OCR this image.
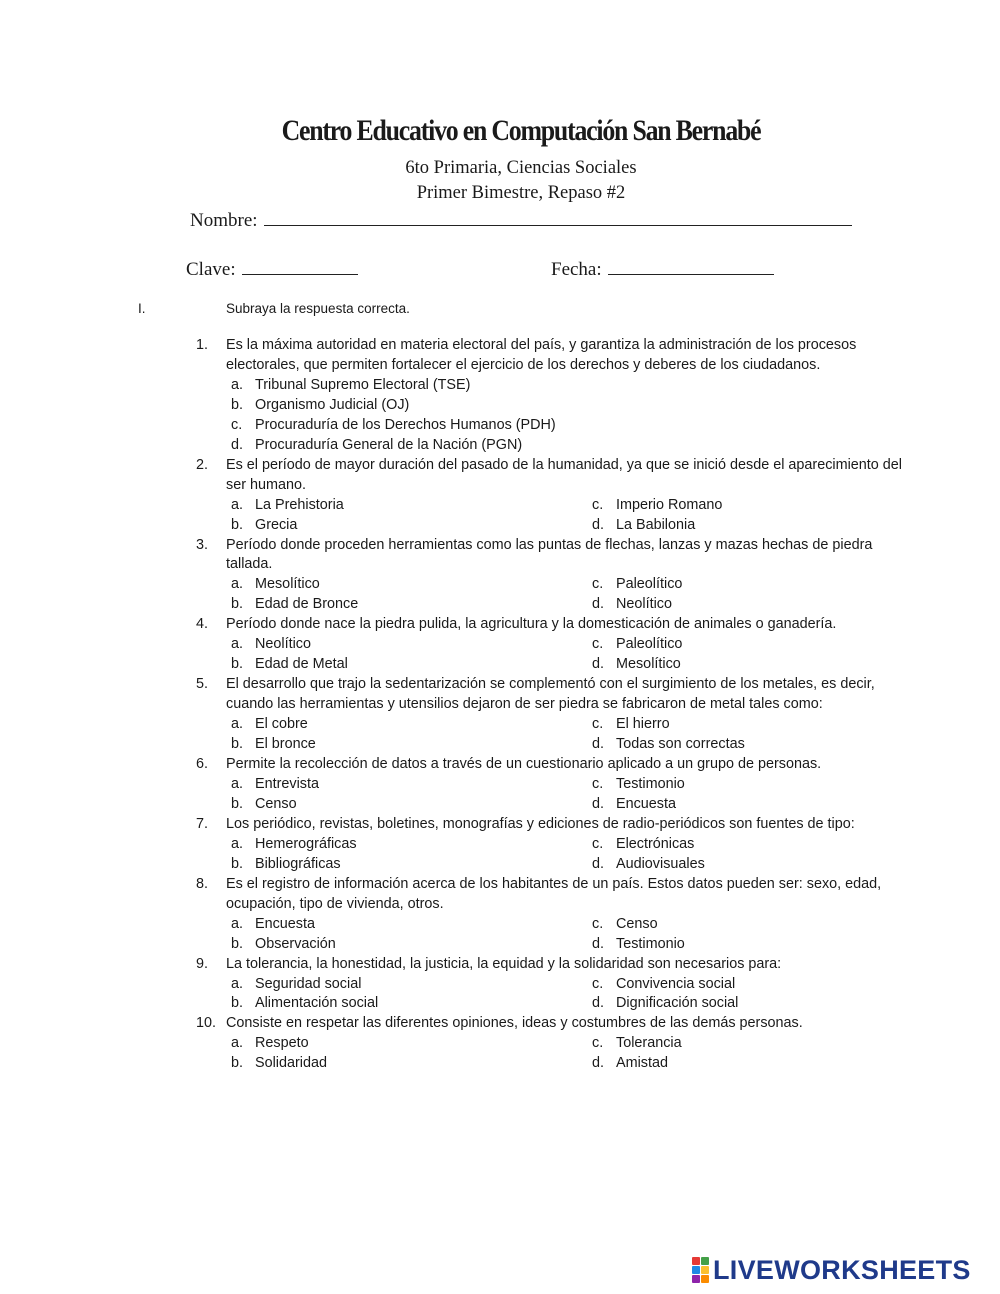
Centro Educativo en Computación San Bernabé
6to Primaria, Ciencias Sociales
Primer Bimestre, Repaso #2
Nombre:
Clave:	Fecha:
I.	Subraya la respuesta correcta.
1. Es la máxima autoridad en materia electoral del país, y garantiza la administración de los procesos electorales, que permiten fortalecer el ejercicio de los derechos y deberes de los ciudadanos.
a. Tribunal Supremo Electoral (TSE)
b. Organismo Judicial (OJ)
c. Procuraduría de los Derechos Humanos (PDH)
d. Procuraduría General de la Nación (PGN)
2. Es el período de mayor duración del pasado de la humanidad, ya que se inició desde el aparecimiento del ser humano.
a. La Prehistoria	c. Imperio Romano
b. Grecia	d. La Babilonia
3. Período donde proceden herramientas como las puntas de flechas, lanzas y mazas hechas de piedra tallada.
a. Mesolítico	c. Paleolítico
b. Edad de Bronce	d. Neolítico
4. Período donde nace la piedra pulida, la agricultura y la domesticación de animales o ganadería.
a. Neolítico	c. Paleolítico
b. Edad de Metal	d. Mesolítico
5. El desarrollo que trajo la sedentarización se complementó con el surgimiento de los metales, es decir, cuando las herramientas y utensilios dejaron de ser piedra se fabricaron de metal tales como:
a. El cobre	c. El hierro
b. El bronce	d. Todas son correctas
6. Permite la recolección de datos a través de un cuestionario aplicado a un grupo de personas.
a. Entrevista	c. Testimonio
b. Censo	d. Encuesta
7. Los periódico, revistas, boletines, monografías y ediciones de radio-periódicos son fuentes de tipo:
a. Hemerográficas	c. Electrónicas
b. Bibliográficas	d. Audiovisuales
8. Es el registro de información acerca de los habitantes de un país. Estos datos pueden ser: sexo, edad, ocupación, tipo de vivienda, otros.
a. Encuesta	c. Censo
b. Observación	d. Testimonio
9. La tolerancia, la honestidad, la justicia, la equidad y la solidaridad son necesarios para:
a. Seguridad social	c. Convivencia social
b. Alimentación social	d. Dignificación social
10. Consiste en respetar las diferentes opiniones, ideas y costumbres de las demás personas.
a. Respeto	c. Tolerancia
b. Solidaridad	d. Amistad
LIVEWORKSHEETS
